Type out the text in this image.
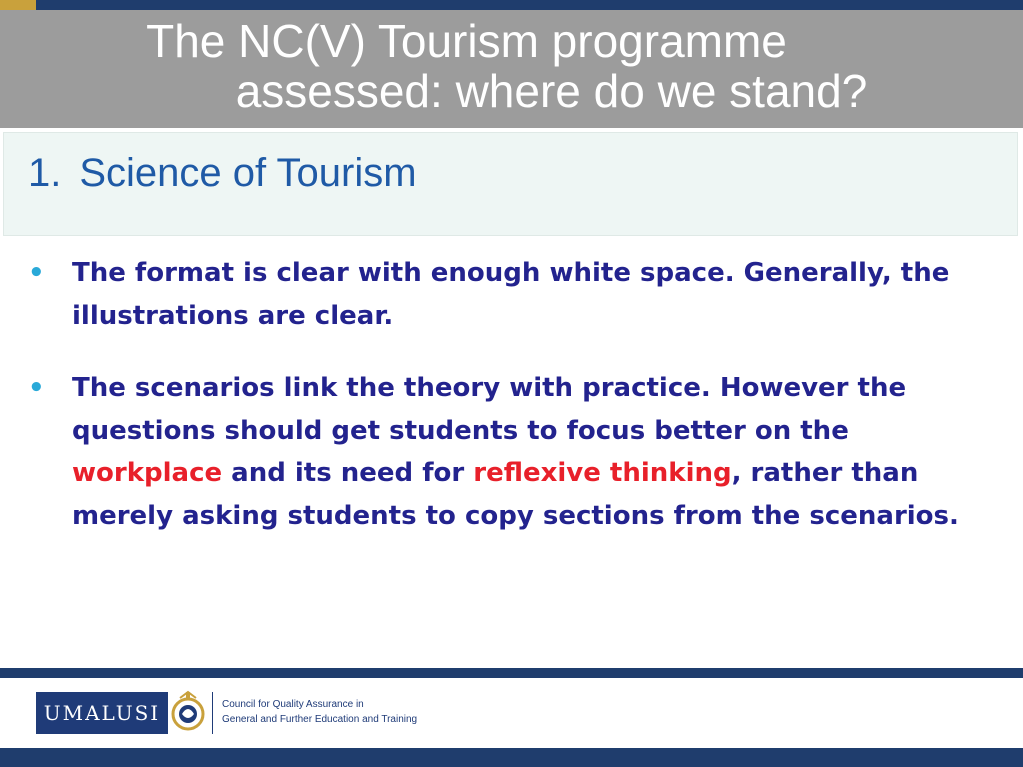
The NC(V) Tourism programme
assessed: where do we stand?
1. Science of Tourism
• The format is clear with enough white space. Generally, the illustrations are clear.
• The scenarios link the theory with practice. However the questions should get students to focus better on the workplace and its need for reflexive thinking, rather than merely asking students to copy sections from the scenarios.
UMALUSI	Council for Quality Assurance in
General and Further Education and Training
